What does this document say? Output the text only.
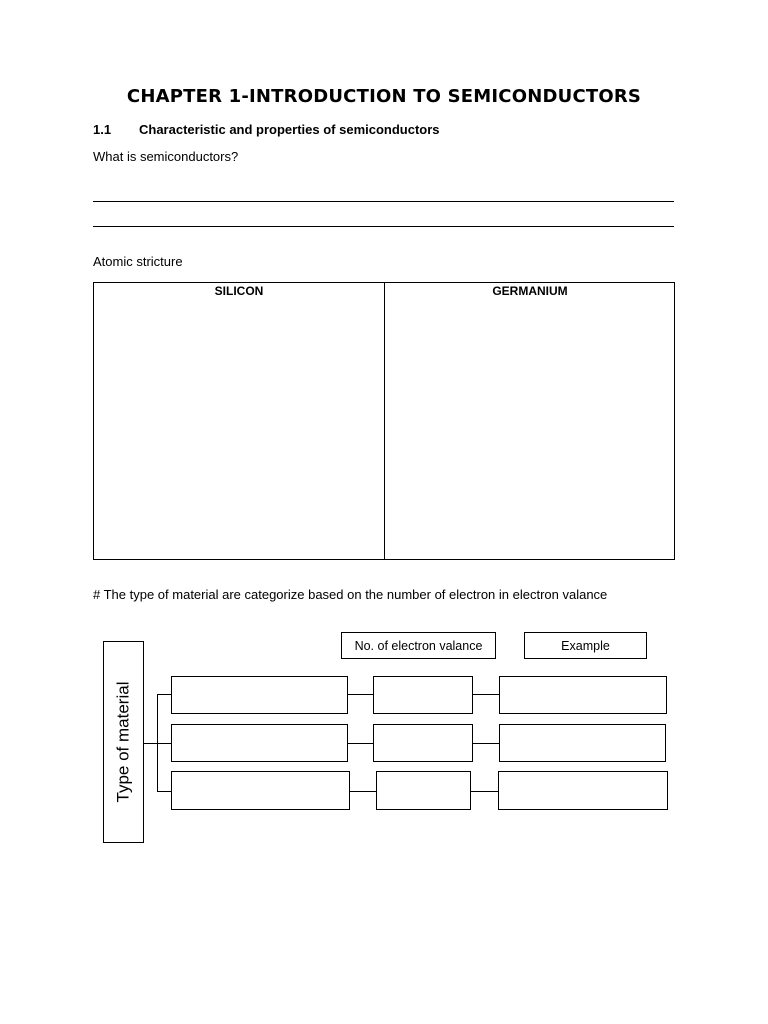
CHAPTER 1-INTRODUCTION TO SEMICONDUCTORS
1.1 Characteristic and properties of semiconductors
What is semiconductors?
Atomic stricture
SILICON	GERMANIUM
# The type of material are categorize based on the number of electron in electron valance
No. of electron valance	Example
Type of material
